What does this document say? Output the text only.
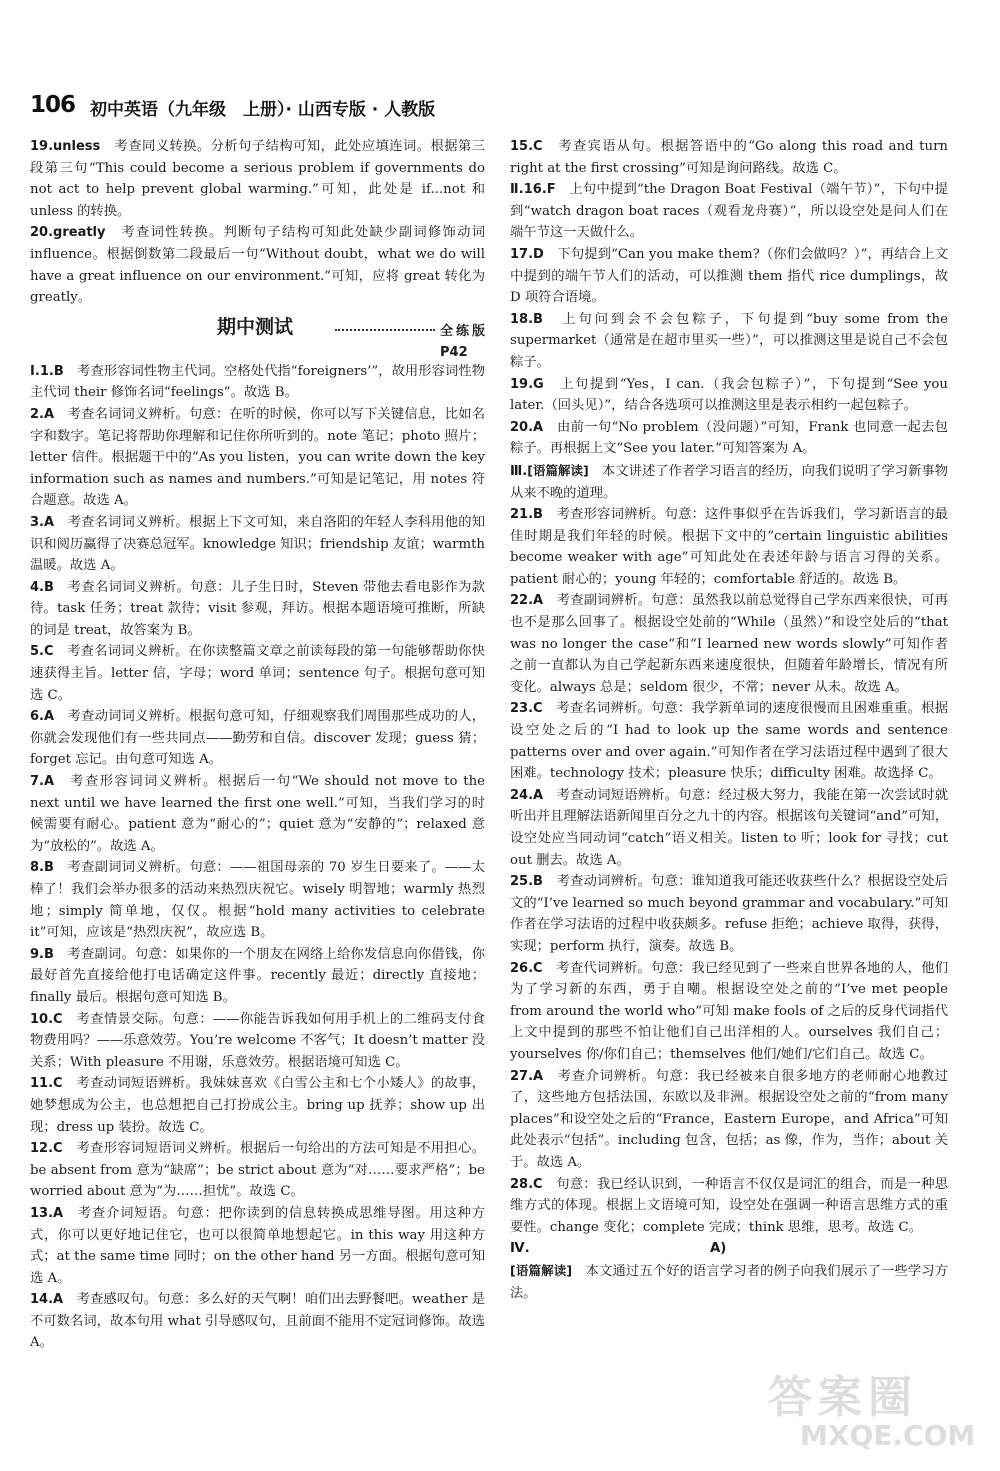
106 初中英语（九年级　上册）· 山西专版 · 人教版
19.unless　考查同义转换。分析句子结构可知，此处应填连词。根据第三段第三句“This could become a serious problem if governments do not act to help prevent global warming.”可知，此处是 if...not 和 unless 的转换。
20.greatly　考查词性转换。判断句子结构可知此处缺少副词修饰动词 influence。根据倒数第二段最后一句“Without doubt，what we do will have a great influence on our environment.”可知，应将 great 转化为 greatly。
期中测试	全练版 P42
Ⅰ.1.B　考查形容词性物主代词。空格处代指“foreigners’”，故用形容词性物主代词 their 修饰名词“feelings”。故选 B。
2.A　考查名词词义辨析。句意：在听的时候，你可以写下关键信息，比如名字和数字。笔记将帮助你理解和记住你所听到的。note 笔记；photo 照片；letter 信件。根据题干中的“As you listen，you can write down the key information such as names and numbers.”可知是记笔记，用 notes 符合题意。故选 A。
3.A　考查名词词义辨析。根据上下文可知，来自洛阳的年轻人李科用他的知识和阅历赢得了决赛总冠军。knowledge 知识；friendship 友谊；warmth 温暖。故选 A。
4.B　考查名词词义辨析。句意：儿子生日时，Steven 带他去看电影作为款待。task 任务；treat 款待；visit 参观，拜访。根据本题语境可推断，所缺的词是 treat，故答案为 B。
5.C　考查名词词义辨析。在你读整篇文章之前读每段的第一句能够帮助你快速获得主旨。letter 信，字母；word 单词；sentence 句子。根据句意可知选 C。
6.A　考查动词词义辨析。根据句意可知，仔细观察我们周围那些成功的人，你就会发现他们有一些共同点——勤劳和自信。discover 发现；guess 猜；forget 忘记。由句意可知选 A。
7.A　考查形容词词义辨析。根据后一句“We should not move to the next until we have learned the first one well.”可知，当我们学习的时候需要有耐心。patient 意为“耐心的”；quiet 意为“安静的”；relaxed 意为“放松的”。故选 A。
8.B　考查副词词义辨析。句意：——祖国母亲的 70 岁生日要来了。——太棒了！我们会举办很多的活动来热烈庆祝它。wisely 明智地；warmly 热烈地；simply 简单地，仅仅。根据“hold many activities to celebrate it”可知，应该是“热烈庆祝”，故应选 B。
9.B　考查副词。句意：如果你的一个朋友在网络上给你发信息向你借钱，你最好首先直接给他打电话确定这件事。recently 最近；directly 直接地；finally 最后。根据句意可知选 B。
10.C　考查情景交际。句意：——你能告诉我如何用手机上的二维码支付食物费用吗？——乐意效劳。You’re welcome 不客气；It doesn’t matter 没关系；With pleasure 不用谢，乐意效劳。根据语境可知选 C。
11.C　考查动词短语辨析。我妹妹喜欢《白雪公主和七个小矮人》的故事，她梦想成为公主，也总想把自己打扮成公主。bring up 抚养；show up 出现；dress up 装扮。故选 C。
12.C　考查形容词短语词义辨析。根据后一句给出的方法可知是不用担心。be absent from 意为“缺席”；be strict about 意为“对……要求严格”；be worried about 意为“为……担忧”。故选 C。
13.A　考查介词短语。句意：把你读到的信息转换成思维导图。用这种方式，你可以更好地记住它，也可以很简单地想起它。in this way 用这种方式；at the same time 同时；on the other hand 另一方面。根据句意可知选 A。
14.A　考查感叹句。句意：多么好的天气啊！咱们出去野餐吧。weather 是不可数名词，故本句用 what 引导感叹句，且前面不能用不定冠词修饰。故选 A。
15.C　考查宾语从句。根据答语中的“Go along this road and turn right at the first crossing”可知是询问路线。故选 C。
Ⅱ.16.F　上句中提到“the Dragon Boat Festival（端午节）”，下句中提到“watch dragon boat races（观看龙舟赛）”，所以设空处是问人们在端午节这一天做什么。
17.D　下句提到“Can you make them?（你们会做吗？）”，再结合上文中提到的端午节人们的活动，可以推测 them 指代 rice dumplings，故 D 项符合语境。
18.B　上句问到会不会包粽子，下句提到“buy some from the supermarket（通常是在超市里买一些）”，可以推测这里是说自己不会包粽子。
19.G　上句提到“Yes，I can.（我会包粽子）”，下句提到“See you later.（回头见）”，结合各选项可以推测这里是表示相约一起包粽子。
20.A　由前一句“No problem（没问题）”可知，Frank 也同意一起去包粽子。再根据上文“See you later.”可知答案为 A。
Ⅲ.[语篇解读]　本文讲述了作者学习语言的经历，向我们说明了学习新事物从来不晚的道理。
21.B　考查形容词辨析。句意：这件事似乎在告诉我们，学习新语言的最佳时期是我们年轻的时候。根据下文中的“certain linguistic abilities become weaker with age”可知此处在表述年龄与语言习得的关系。patient 耐心的；young 年轻的；comfortable 舒适的。故选 B。
22.A　考查副词辨析。句意：虽然我以前总觉得自己学东西来很快，可再也不是那么回事了。根据设空处前的“While（虽然）”和设空处后的“that was no longer the case”和“I learned new words slowly”可知作者之前一直都认为自己学起新东西来速度很快，但随着年龄增长，情况有所变化。always 总是；seldom 很少，不常；never 从未。故选 A。
23.C　考查名词辨析。句意：我学新单词的速度很慢而且困难重重。根据设空处之后的“I had to look up the same words and sentence patterns over and over again.”可知作者在学习法语过程中遇到了很大困难。technology 技术；pleasure 快乐；difficulty 困难。故选择 C。
24.A　考查动词短语辨析。句意：经过极大努力，我能在第一次尝试时就听出并且理解法语新闻里百分之九十的内容。根据该句关键词“and”可知，设空处应当同动词“catch”语义相关。listen to 听；look for 寻找；cut out 删去。故选 A。
25.B　考查动词辨析。句意：谁知道我可能还收获些什么？根据设空处后文的“I’ve learned so much beyond grammar and vocabulary.”可知作者在学习法语的过程中收获颇多。refuse 拒绝；achieve 取得，获得，实现；perform 执行，演奏。故选 B。
26.C　考查代词辨析。句意：我已经见到了一些来自世界各地的人，他们为了学习新的东西，勇于自嘲。根据设空处之前的“I’ve met people from around the world who”可知 make fools of 之后的反身代词指代上文中提到的那些不怕让他们自己出洋相的人。ourselves 我们自己；yourselves 你/你们自己；themselves 他们/她们/它们自己。故选 C。
27.A　考查介词辨析。句意：我已经被来自很多地方的老师耐心地教过了，这些地方包括法国，东欧以及非洲。根据设空处之前的“from many places”和设空处之后的“France，Eastern Europe，and Africa”可知此处表示“包括”。including 包含，包括；as 像，作为，当作；about 关于。故选 A。
28.C　句意：我已经认识到，一种语言不仅仅是词汇的组合，而是一种思维方式的体现。根据上文语境可知，设空处在强调一种语言思维方式的重要性。change 变化；complete 完成；think 思维，思考。故选 C。
Ⅳ.	A)
[语篇解读]　本文通过五个好的语言学习者的例子向我们展示了一些学习方法。
答案圈
MXQE.COM
